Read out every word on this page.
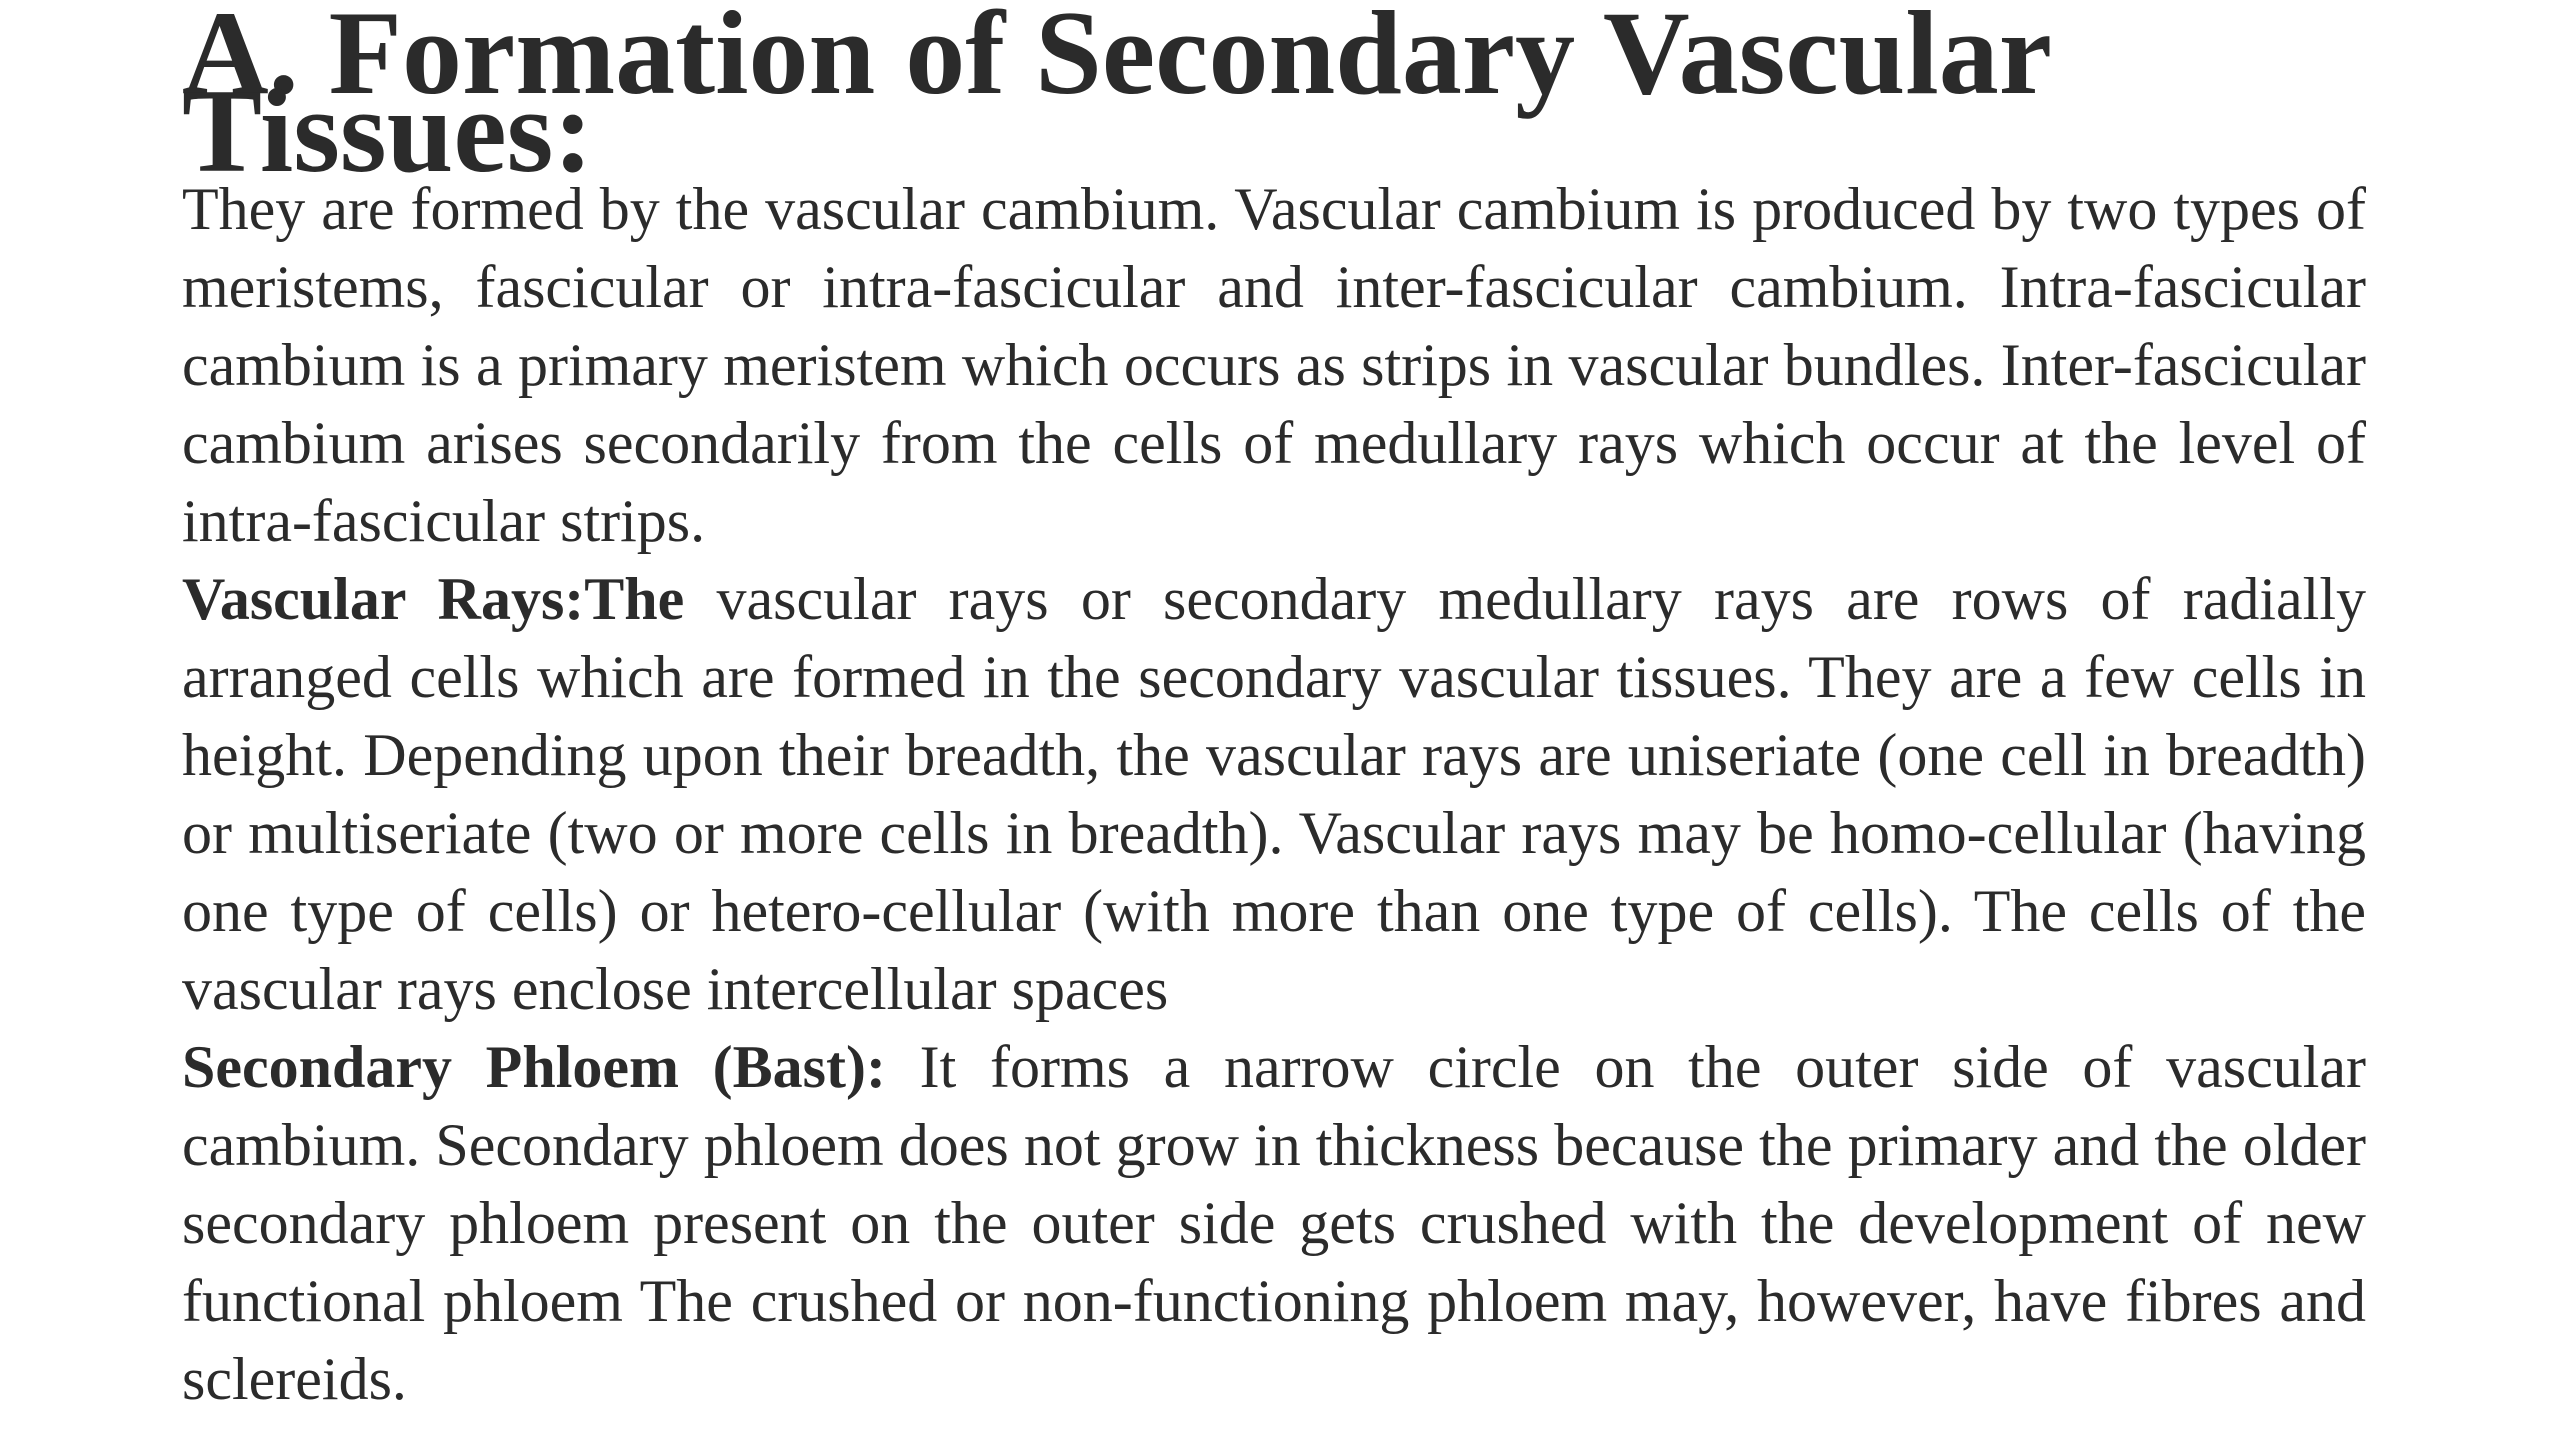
A. Formation of Secondary Vascular Tissues:

They are formed by the vascular cambium. Vascular cambium is produced by two types of meristems, fascicular or intra-fascicular and inter-fascicular cambium. Intra-fascicular cambium is a primary meristem which occurs as strips in vascular bundles. Inter-fascicular cambium arises secondarily from the cells of medullary rays which occur at the level of intra-fascicular strips.

Vascular Rays:The vascular rays or secondary medullary rays are rows of radially arranged cells which are formed in the secondary vascular tissues. They are a few cells in height. Depending upon their breadth, the vascular rays are uniseriate (one cell in breadth) or multiseriate (two or more cells in breadth). Vascular rays may be homo-cellular (having one type of cells) or hetero-cellular (with more than one type of cells). The cells of the vascular rays enclose intercellular spaces

Secondary Phloem (Bast): It forms a narrow circle on the outer side of vascular cambium. Secondary phloem does not grow in thickness because the primary and the older secondary phloem present on the outer side gets crushed with the development of new functional phloem The crushed or non-functioning phloem may, however, have fibres and sclereids.
